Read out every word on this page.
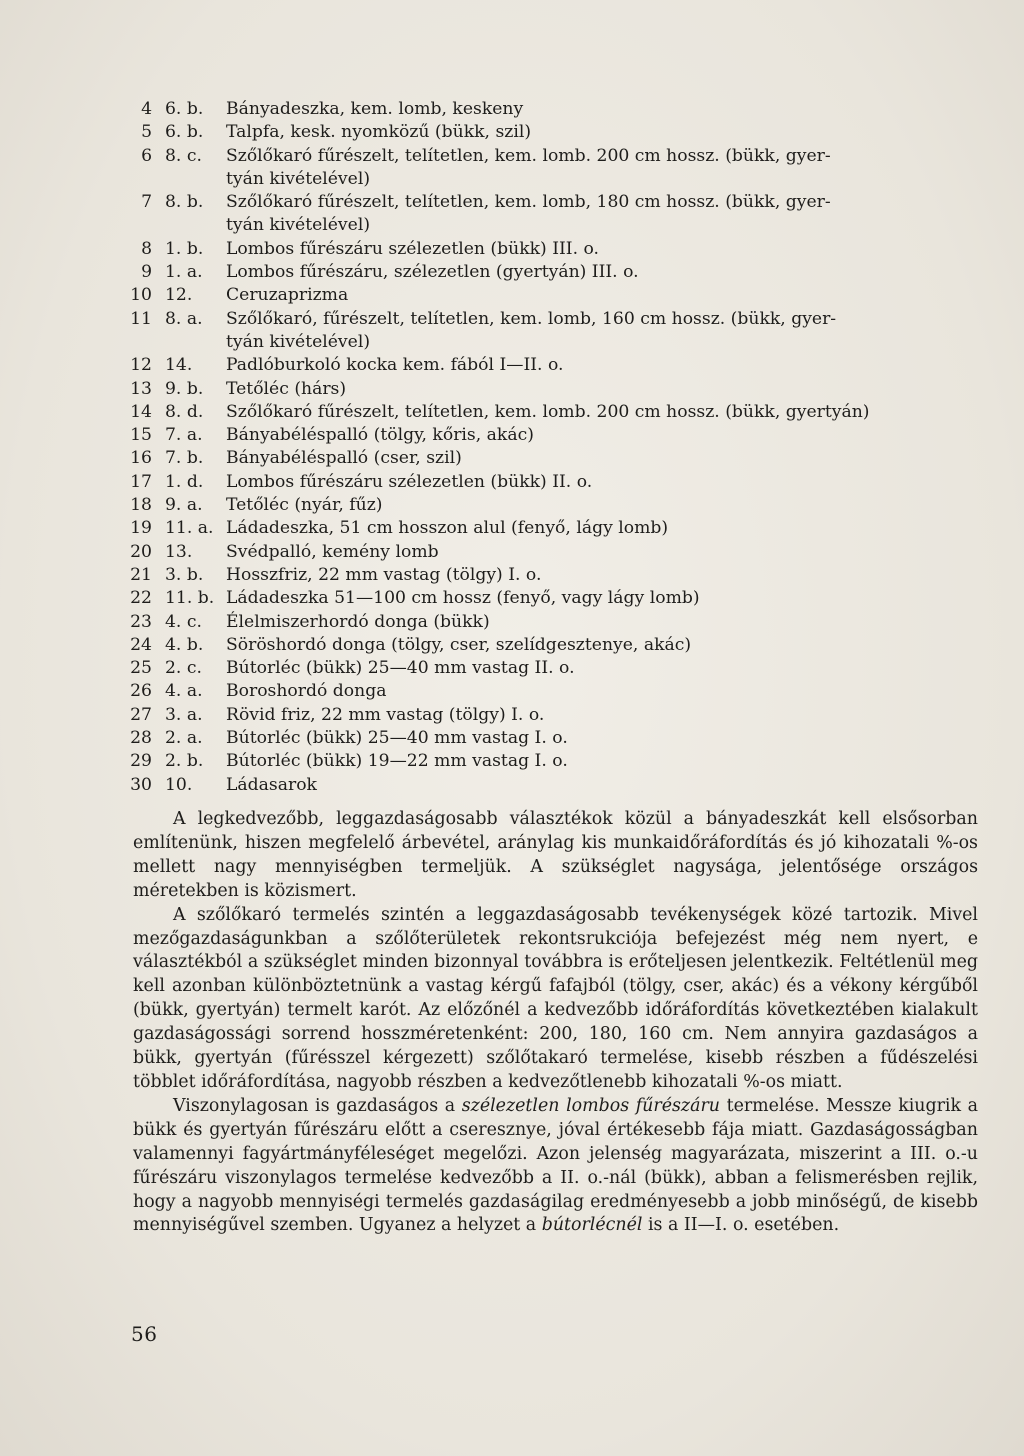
4 6. b.	Bányadeszka, kem. lomb, keskeny
5 6. b.	Talpfa, kesk. nyomközű (bükk, szil)
6 8. c.	Szőlőkaró fűrészelt, telítetlen, kem. lomb. 200 cm hossz. (bükk, gyer-
tyán kivételével)
7 8. b.	Szőlőkaró fűrészelt, telítetlen, kem. lomb, 180 cm hossz. (bükk, gyer-
tyán kivételével)
8 1. b.	Lombos fűrészáru szélezetlen (bükk) III. o.
9 1. a.	Lombos fűrészáru, szélezetlen (gyertyán) III. o.
10 12.	Ceruzaprizma
11 8. a.	Szőlőkaró, fűrészelt, telítetlen, kem. lomb, 160 cm hossz. (bükk, gyer-
tyán kivételével)
12 14.	Padlóburkoló kocka kem. fából I—II. o.
13 9. b.	Tetőléc (hárs)
14 8. d.	Szőlőkaró fűrészelt, telítetlen, kem. lomb. 200 cm hossz. (bükk, gyertyán)
15 7. a.	Bányabéléspalló (tölgy, kőris, akác)
16 7. b.	Bányabéléspalló (cser, szil)
17 1. d.	Lombos fűrészáru szélezetlen (bükk) II. o.
18 9. a.	Tetőléc (nyár, fűz)
19 11. a. Ládadeszka, 51 cm hosszon alul (fenyő, lágy lomb)
20 13.	Svédpalló, kemény lomb
21 3. b.	Hosszfriz, 22 mm vastag (tölgy) I. o.
22 11. b. Ládadeszka 51—100 cm hossz (fenyő, vagy lágy lomb)
23 4. c.	Élelmiszerhordó donga (bükk)
24 4. b.	Söröshordó donga (tölgy, cser, szelídgesztenye, akác)
25 2. c.	Bútorléc (bükk) 25—40 mm vastag II. o.
26 4. a.	Boroshordó donga
27 3. a.	Rövid friz, 22 mm vastag (tölgy) I. o.
28 2. a.	Bútorléc (bükk) 25—40 mm vastag I. o.
29 2. b.	Bútorléc (bükk) 19—22 mm vastag I. o.
30 10.	Ládasarok

A legkedvezőbb, leggazdaságosabb választékok közül a bányadeszkát kell elsősorban említenünk, hiszen megfelelő árbevétel, aránylag kis munkaidőráfordítás és jó kihozatali %-os mellett nagy mennyiségben termeljük. A szükséglet nagysága, jelentősége országos méretekben is közismert.

A szőlőkaró termelés szintén a leggazdaságosabb tevékenységek közé tartozik. Mivel mezőgazdaságunkban a szőlőterületek rekontsrukciója befejezést még nem nyert, e választékból a szükséglet minden bizonnyal továbbra is erőteljesen jelentkezik. Feltétlenül meg kell azonban különböztetnünk a vastag kérgű fafajból (tölgy, cser, akác) és a vékony kérgűből (bükk, gyertyán) termelt karót. Az előzőnél a kedvezőbb időráfordítás következtében kialakult gazdaságossági sorrend hosszméretenként: 200, 180, 160 cm. Nem annyira gazdaságos a bükk, gyertyán (fűrésszel kérgezett) szőlőtakaró termelése, kisebb részben a fűdészelési többlet időráfordítása, nagyobb részben a kedvezőtlenebb kihozatali %-os miatt.

Viszonylagosan is gazdaságos a szélezetlen lombos fűrészáru termelése. Messze kiugrik a bükk és gyertyán fűrészáru előtt a cseresznye, jóval értékesebb fája miatt. Gazdaságosságban valamennyi fagyártmányféleséget megelőzi. Azon jelenség magyarázata, miszerint a III. o.-u fűrészáru viszonylagos termelése kedvezőbb a II. o.-nál (bükk), abban a felismerésben rejlik, hogy a nagyobb mennyiségi termelés gazdaságilag eredményesebb a jobb minőségű, de kisebb mennyiségűvel szemben. Ugyanez a helyzet a bútorlécnél is a II—I. o. esetében.

56
